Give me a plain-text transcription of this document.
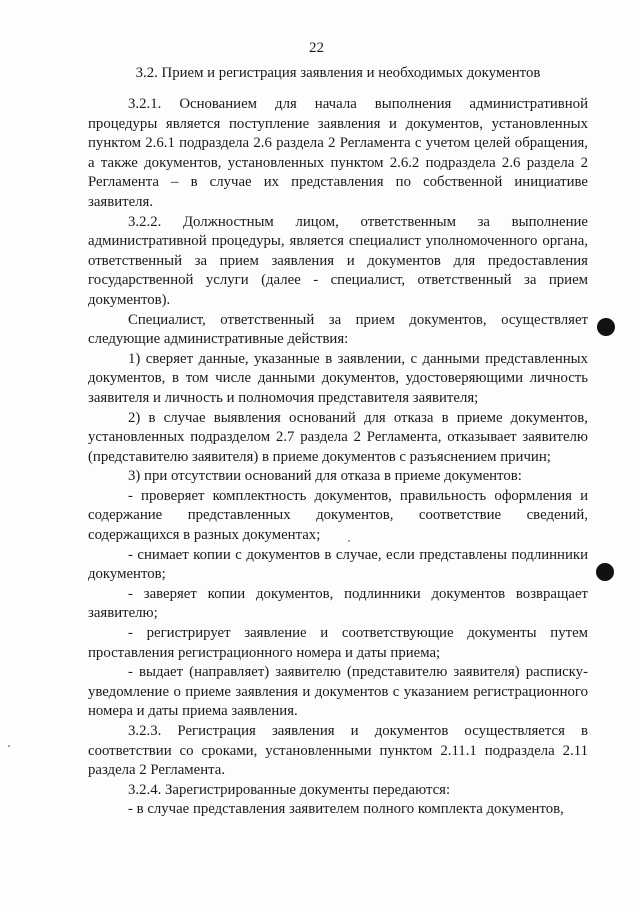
22
3.2. Прием и регистрация заявления и необходимых документов

3.2.1. Основанием для начала выполнения административной процедуры является поступление заявления и документов, установленных пунктом 2.6.1 подраздела 2.6 раздела 2 Регламента с учетом целей обращения, а также документов, установленных пунктом 2.6.2 подраздела 2.6 раздела 2 Регламента – в случае их представления по собственной инициативе заявителя.

3.2.2. Должностным лицом, ответственным за выполнение административной процедуры, является специалист уполномоченного органа, ответственный за прием заявления и документов для предоставления государственной услуги (далее - специалист, ответственный за прием документов).

Специалист, ответственный за прием документов, осуществляет следующие административные действия:

1) сверяет данные, указанные в заявлении, с данными представленных документов, в том числе данными документов, удостоверяющими личность заявителя и личность и полномочия представителя заявителя;

2) в случае выявления оснований для отказа в приеме документов, установленных подразделом 2.7 раздела 2 Регламента, отказывает заявителю (представителю заявителя) в приеме документов с разъяснением причин;

3) при отсутствии оснований для отказа в приеме документов:

- проверяет комплектность документов, правильность оформления и содержание представленных документов, соответствие сведений, содержащихся в разных документах;

- снимает копии с документов в случае, если представлены подлинники документов;

- заверяет копии документов, подлинники документов возвращает заявителю;

- регистрирует заявление и соответствующие документы путем проставления регистрационного номера и даты приема;

- выдает (направляет) заявителю (представителю заявителя) расписку-уведомление о приеме заявления и документов с указанием регистрационного номера и даты приема заявления.

3.2.3. Регистрация заявления и документов осуществляется в соответствии со сроками, установленными пунктом 2.11.1 подраздела 2.11 раздела 2 Регламента.

3.2.4. Зарегистрированные документы передаются:

- в случае представления заявителем полного комплекта документов,
